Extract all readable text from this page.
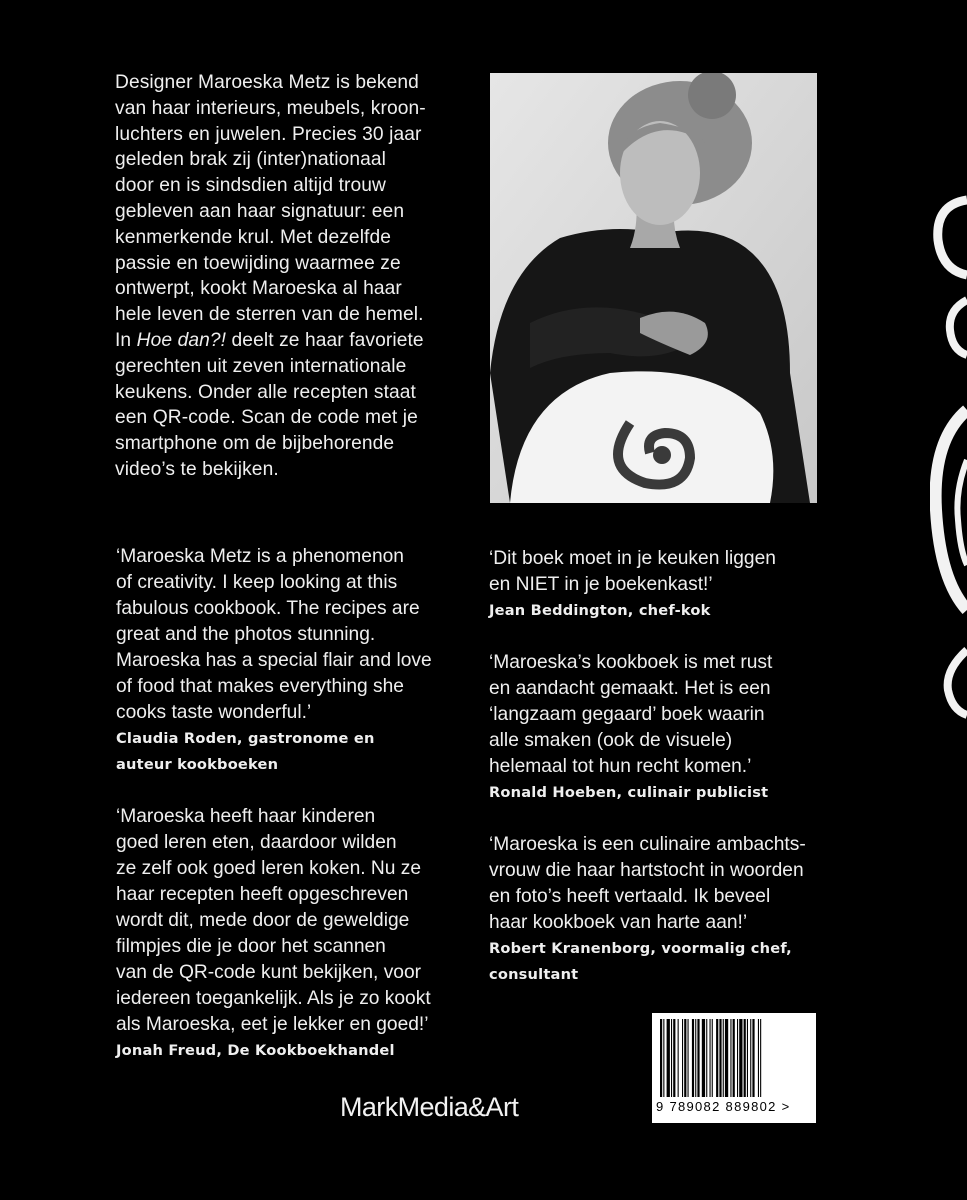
Designer Maroeska Metz is bekend
van haar interieurs, meubels, kroon-
luchters en juwelen. Precies 30 jaar
geleden brak zij (inter)nationaal
door en is sindsdien altijd trouw
gebleven aan haar signatuur: een
kenmerkende krul. Met dezelfde
passie en toewijding waarmee ze
ontwerpt, kookt Maroeska al haar
hele leven de sterren van de hemel.
In Hoe dan?! deelt ze haar favoriete
gerechten uit zeven internationale
keukens. Onder alle recepten staat
een QR-code. Scan de code met je
smartphone om de bijbehorende
video’s te bekijken.
‘Maroeska Metz is a phenomenon
of creativity. I keep looking at this
fabulous cookbook. The recipes are
great and the photos stunning.
Maroeska has a special flair and love
of food that makes everything she
cooks taste wonderful.’
Claudia Roden, gastronome en
auteur kookboeken
‘Maroeska heeft haar kinderen
goed leren eten, daardoor wilden
ze zelf ook goed leren koken. Nu ze
haar recepten heeft opgeschreven
wordt dit, mede door de geweldige
filmpjes die je door het scannen
van de QR-code kunt bekijken, voor
iedereen toegankelijk. Als je zo kookt
als Maroeska, eet je lekker en goed!’
Jonah Freud, De Kookboekhandel
‘Dit boek moet in je keuken liggen
en NIET in je boekenkast!’
Jean Beddington, chef-kok
‘Maroeska’s kookboek is met rust
en aandacht gemaakt. Het is een
‘langzaam gegaard’ boek waarin
alle smaken (ook de visuele)
helemaal tot hun recht komen.’
Ronald Hoeben, culinair publicist
‘Maroeska is een culinaire ambachts-
vrouw die haar hartstocht in woorden
en foto’s heeft vertaald. Ik beveel
haar kookboek van harte aan!’
Robert Kranenborg, voormalig chef,
consultant
MarkMedia&Art	9 789082 889802 >
